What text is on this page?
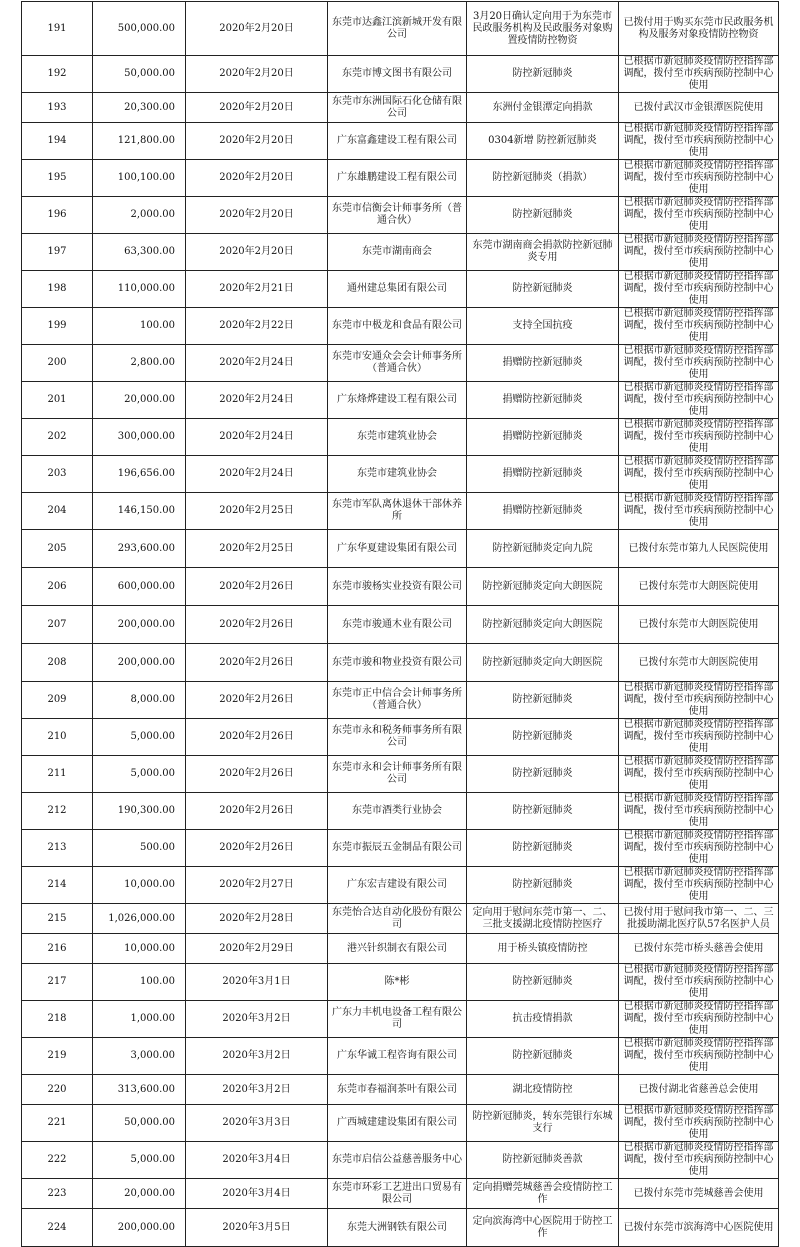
191	500,000.00	2020年2月20日	东莞市达鑫江滨新城开发有限公司	3月20日确认定向用于为东莞市民政服务机构及民政服务对象购置疫情防控物资	已拨付用于购买东莞市民政服务机构及服务对象疫情防控物资
192	50,000.00	2020年2月20日	东莞市博文图书有限公司	防控新冠肺炎	已根据市新冠肺炎疫情防控指挥部调配，拨付至市疾病预防控制中心使用
193	20,300.00	2020年2月20日	东莞市东洲国际石化仓储有限公司	东洲付金银潭定向捐款	已拨付武汉市金银潭医院使用
194	121,800.00	2020年2月20日	广东富鑫建设工程有限公司	0304新增 防控新冠肺炎	已根据市新冠肺炎疫情防控指挥部调配，拨付至市疾病预防控制中心使用
195	100,100.00	2020年2月20日	广东雄鹏建设工程有限公司	防控新冠肺炎（捐款）	已根据市新冠肺炎疫情防控指挥部调配，拨付至市疾病预防控制中心使用
196	2,000.00	2020年2月20日	东莞市信衡会计师事务所（普通合伙）	防控新冠肺炎	已根据市新冠肺炎疫情防控指挥部调配，拨付至市疾病预防控制中心使用
197	63,300.00	2020年2月20日	东莞市湖南商会	东莞市湖南商会捐款防控新冠肺炎专用	已根据市新冠肺炎疫情防控指挥部调配，拨付至市疾病预防控制中心使用
198	110,000.00	2020年2月21日	通州建总集团有限公司	防控新冠肺炎	已根据市新冠肺炎疫情防控指挥部调配，拨付至市疾病预防控制中心使用
199	100.00	2020年2月22日	东莞市中极龙和食品有限公司	支持全国抗疫	已根据市新冠肺炎疫情防控指挥部调配，拨付至市疾病预防控制中心使用
200	2,800.00	2020年2月24日	东莞市安通众会会计师事务所（普通合伙）	捐赠防控新冠肺炎	已根据市新冠肺炎疫情防控指挥部调配，拨付至市疾病预防控制中心使用
201	20,000.00	2020年2月24日	广东烽烨建设工程有限公司	捐赠防控新冠肺炎	已根据市新冠肺炎疫情防控指挥部调配，拨付至市疾病预防控制中心使用
202	300,000.00	2020年2月24日	东莞市建筑业协会	捐赠防控新冠肺炎	已根据市新冠肺炎疫情防控指挥部调配，拨付至市疾病预防控制中心使用
203	196,656.00	2020年2月24日	东莞市建筑业协会	捐赠防控新冠肺炎	已根据市新冠肺炎疫情防控指挥部调配，拨付至市疾病预防控制中心使用
204	146,150.00	2020年2月25日	东莞市军队离休退休干部休养所	捐赠防控新冠肺炎	已根据市新冠肺炎疫情防控指挥部调配，拨付至市疾病预防控制中心使用
205	293,600.00	2020年2月25日	广东华夏建设集团有限公司	防控新冠肺炎定向九院	已拨付东莞市第九人民医院使用
206	600,000.00	2020年2月26日	东莞市骏杨实业投资有限公司	防控新冠肺炎定向大朗医院	已拨付东莞市大朗医院使用
207	200,000.00	2020年2月26日	东莞市骏通木业有限公司	防控新冠肺炎定向大朗医院	已拨付东莞市大朗医院使用
208	200,000.00	2020年2月26日	东莞市骏和物业投资有限公司	防控新冠肺炎定向大朗医院	已拨付东莞市大朗医院使用
209	8,000.00	2020年2月26日	东莞市正中信合会计师事务所（普通合伙）	防控新冠肺炎	已根据市新冠肺炎疫情防控指挥部调配，拨付至市疾病预防控制中心使用
210	5,000.00	2020年2月26日	东莞市永和税务师事务所有限公司	防控新冠肺炎	已根据市新冠肺炎疫情防控指挥部调配，拨付至市疾病预防控制中心使用
211	5,000.00	2020年2月26日	东莞市永和会计师事务所有限公司	防控新冠肺炎	已根据市新冠肺炎疫情防控指挥部调配，拨付至市疾病预防控制中心使用
212	190,300.00	2020年2月26日	东莞市酒类行业协会	防控新冠肺炎	已根据市新冠肺炎疫情防控指挥部调配，拨付至市疾病预防控制中心使用
213	500.00	2020年2月26日	东莞市振辰五金制品有限公司	防控新冠肺炎	已根据市新冠肺炎疫情防控指挥部调配，拨付至市疾病预防控制中心使用
214	10,000.00	2020年2月27日	广东宏吉建设有限公司	防控新冠肺炎	已根据市新冠肺炎疫情防控指挥部调配，拨付至市疾病预防控制中心使用
215	1,026,000.00	2020年2月28日	东莞怡合达自动化股份有限公司	定向用于慰问东莞市第一、二、三批支援湖北疫情防控医疗	已拨付用于慰问我市第一、二、三批援助湖北医疗队57名医护人员
216	10,000.00	2020年2月29日	港兴针织制衣有限公司	用于桥头镇疫情防控	已拨付东莞市桥头慈善会使用
217	100.00	2020年3月1日	陈*彬	防控新冠肺炎	已根据市新冠肺炎疫情防控指挥部调配，拨付至市疾病预防控制中心使用
218	1,000.00	2020年3月2日	广东力丰机电设备工程有限公司	抗击疫情捐款	已根据市新冠肺炎疫情防控指挥部调配，拨付至市疾病预防控制中心使用
219	3,000.00	2020年3月2日	广东华诚工程咨询有限公司	防控新冠肺炎	已根据市新冠肺炎疫情防控指挥部调配，拨付至市疾病预防控制中心使用
220	313,600.00	2020年3月2日	东莞市春福润茶叶有限公司	湖北疫情防控	已拨付湖北省慈善总会使用
221	50,000.00	2020年3月3日	广西城建建设集团有限公司	防控新冠肺炎，转东莞银行东城支行	已根据市新冠肺炎疫情防控指挥部调配，拨付至市疾病预防控制中心使用
222	5,000.00	2020年3月4日	东莞市启信公益慈善服务中心	防控新冠肺炎善款	已根据市新冠肺炎疫情防控指挥部调配，拨付至市疾病预防控制中心使用
223	20,000.00	2020年3月4日	东莞市环彩工艺进出口贸易有限公司	定向捐赠莞城慈善会疫情防控工作	已拨付东莞市莞城慈善会使用
224	200,000.00	2020年3月5日	东莞大洲钢铁有限公司	定向滨海湾中心医院用于防控工作	已拨付东莞市滨海湾中心医院使用
